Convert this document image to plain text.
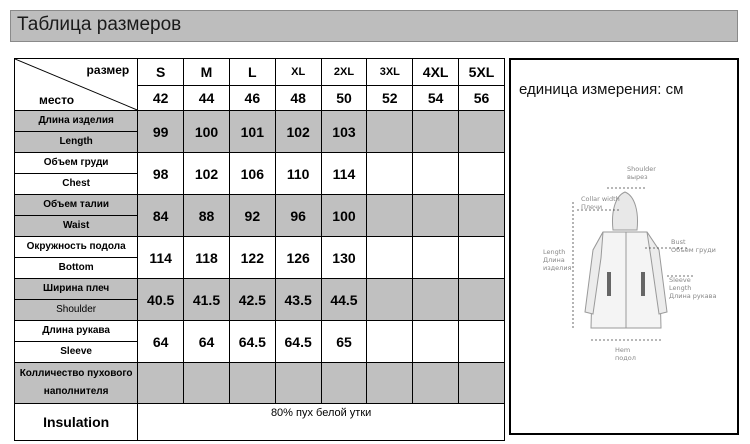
Таблица размеров
размер
место	S	M	L	XL	2XL	3XL	4XL	5XL
	42	44	46	48	50	52	54	56

Длина изделия
Length	99	100	101	102	103			

Объем груди
Chest	98	102	106	110	114			

Объем талии
Waist	84	88	92	96	100			

Окружность подола
Bottom	114	118	122	126	130			

Ширина плеч
Shoulder	40.5	41.5	42.5	43.5	44.5			

Длина рукава
Sleeve	64	64	64.5	64.5	65			
Колличество пухового
наполнителя								
Insulation	80% пух белой утки							
единица измерения: см
Shoulder
вырез
Collar width
Плечи
Length
Длина
изделия
Bust
Объем груди
Sleeve
Length
Длина рукава
Hem
подол
